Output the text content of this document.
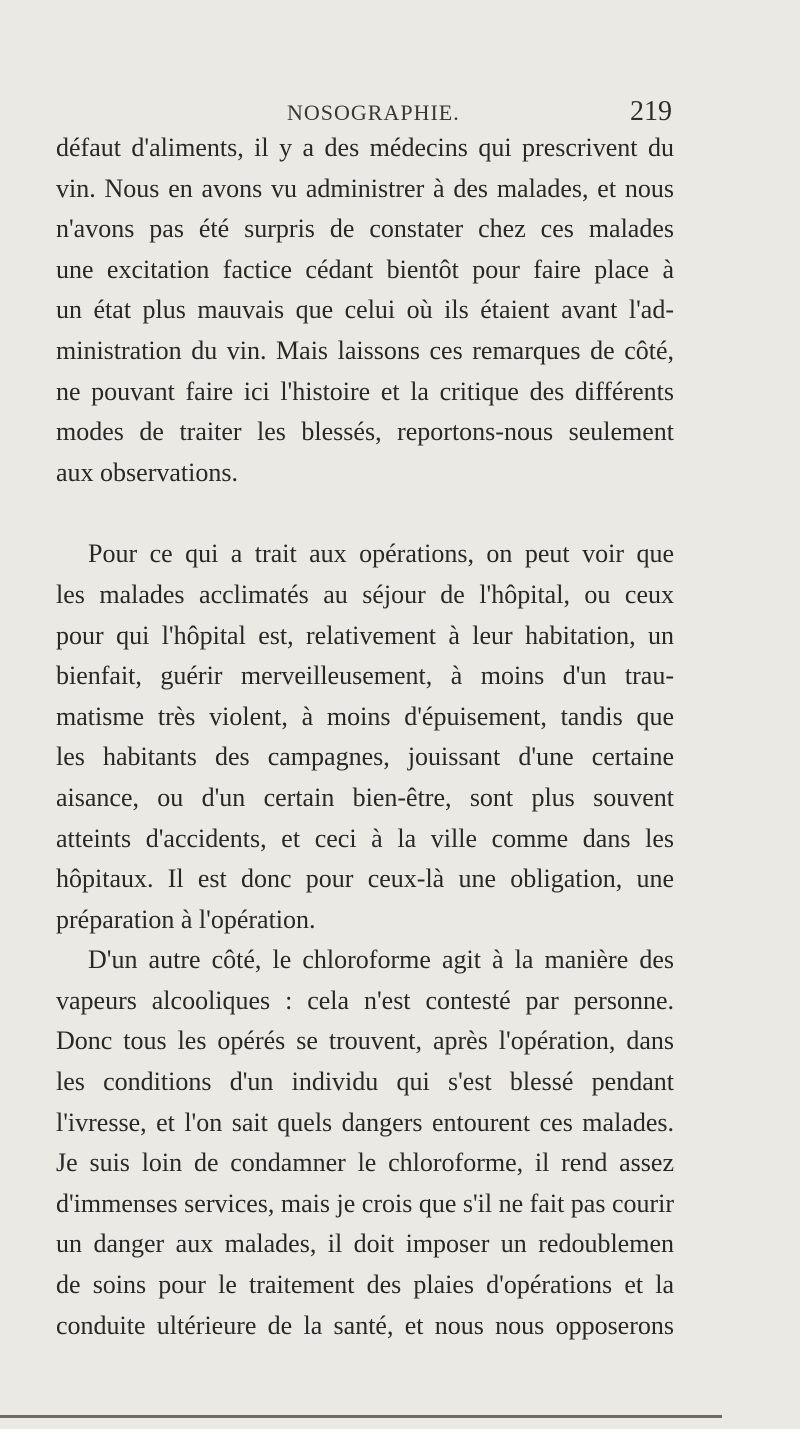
NOSOGRAPHIE.	219
défaut d'aliments, il y a des médecins qui prescrivent du
vin. Nous en avons vu administrer à des malades, et nous
n'avons pas été surpris de constater chez ces malades
une excitation factice cédant bientôt pour faire place à
un état plus mauvais que celui où ils étaient avant l'ad-
ministration du vin. Mais laissons ces remarques de côté,
ne pouvant faire ici l'histoire et la critique des différents
modes de traiter les blessés, reportons-nous seulement
aux observations.
Pour ce qui a trait aux opérations, on peut voir que
les malades acclimatés au séjour de l'hôpital, ou ceux
pour qui l'hôpital est, relativement à leur habitation, un
bienfait, guérir merveilleusement, à moins d'un trau-
matisme très violent, à moins d'épuisement, tandis que
les habitants des campagnes, jouissant d'une certaine
aisance, ou d'un certain bien-être, sont plus souvent
atteints d'accidents, et ceci à la ville comme dans les
hôpitaux. Il est donc pour ceux-là une obligation, une
préparation à l'opération.
D'un autre côté, le chloroforme agit à la manière des
vapeurs alcooliques : cela n'est contesté par personne.
Donc tous les opérés se trouvent, après l'opération, dans
les conditions d'un individu qui s'est blessé pendant
l'ivresse, et l'on sait quels dangers entourent ces malades.
Je suis loin de condamner le chloroforme, il rend assez
d'immenses services, mais je crois que s'il ne fait pas courir
un danger aux malades, il doit imposer un redoublemen
de soins pour le traitement des plaies d'opérations et la
conduite ultérieure de la santé, et nous nous opposerons
